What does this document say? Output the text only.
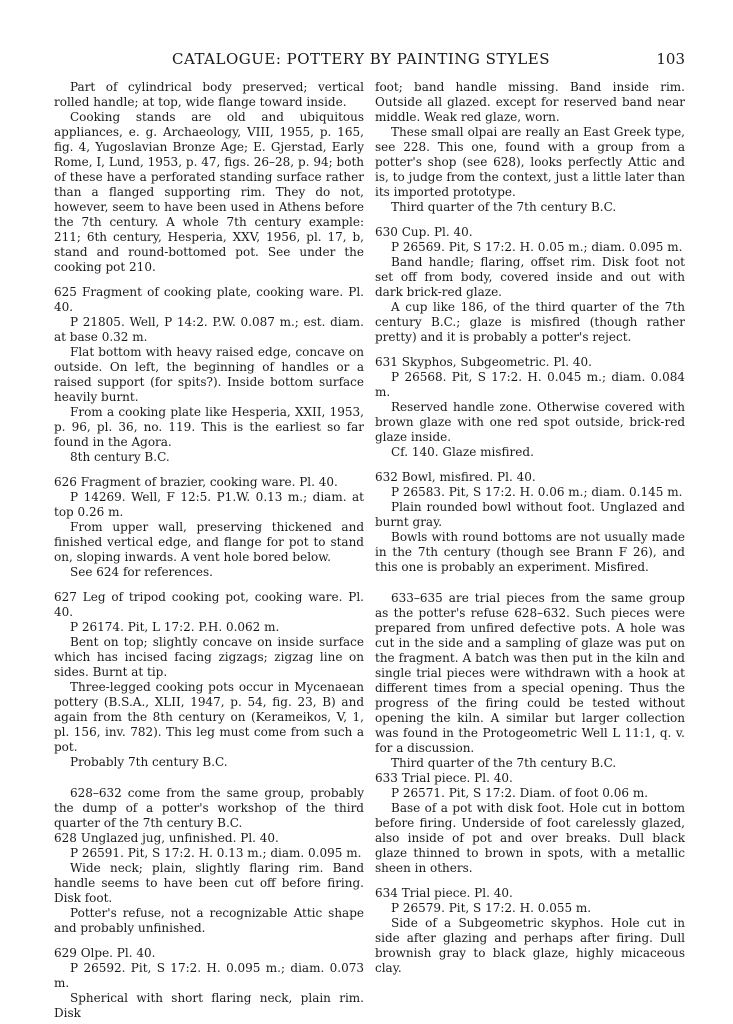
CATALOGUE: POTTERY BY PAINTING STYLES	103

Part of cylindrical body preserved; vertical rolled handle; at top, wide flange toward inside.

Cooking stands are old and ubiquitous appliances, e. g. Archaeology, VIII, 1955, p. 165, fig. 4, Yugoslavian Bronze Age; E. Gjerstad, Early Rome, I, Lund, 1953, p. 47, figs. 26–28, p. 94; both of these have a perforated standing surface rather than a flanged supporting rim. They do not, however, seem to have been used in Athens before the 7th century. A whole 7th century example: 211; 6th century, Hesperia, XXV, 1956, pl. 17, b, stand and round-bottomed pot. See under the cooking pot 210.

625 Fragment of cooking plate, cooking ware. Pl. 40.

P 21805. Well, P 14:2. P.W. 0.087 m.; est. diam. at base 0.32 m.

Flat bottom with heavy raised edge, concave on outside. On left, the beginning of handles or a raised support (for spits?). Inside bottom surface heavily burnt.

From a cooking plate like Hesperia, XXII, 1953, p. 96, pl. 36, no. 119. This is the earliest so far found in the Agora.

8th century B.C.

626 Fragment of brazier, cooking ware. Pl. 40.

P 14269. Well, F 12:5. P1.W. 0.13 m.; diam. at top 0.26 m.

From upper wall, preserving thickened and finished vertical edge, and flange for pot to stand on, sloping inwards. A vent hole bored below.

See 624 for references.

627 Leg of tripod cooking pot, cooking ware. Pl. 40.

P 26174. Pit, L 17:2. P.H. 0.062 m.

Bent on top; slightly concave on inside surface which has incised facing zigzags; zigzag line on sides. Burnt at tip.

Three-legged cooking pots occur in Mycenaean pottery (B.S.A., XLII, 1947, p. 54, fig. 23, B) and again from the 8th century on (Kerameikos, V, 1, pl. 156, inv. 782). This leg must come from such a pot.

Probably 7th century B.C.

628–632 come from the same group, probably the dump of a potter's workshop of the third quarter of the 7th century B.C.

628 Unglazed jug, unfinished. Pl. 40.

P 26591. Pit, S 17:2. H. 0.13 m.; diam. 0.095 m.

Wide neck; plain, slightly flaring rim. Band handle seems to have been cut off before firing. Disk foot.

Potter's refuse, not a recognizable Attic shape and probably unfinished.

629 Olpe. Pl. 40.

P 26592. Pit, S 17:2. H. 0.095 m.; diam. 0.073 m.

Spherical with short flaring neck, plain rim. Disk

foot; band handle missing. Band inside rim. Outside all glazed. except for reserved band near middle. Weak red glaze, worn.

These small olpai are really an East Greek type, see 228. This one, found with a group from a potter's shop (see 628), looks perfectly Attic and is, to judge from the context, just a little later than its imported prototype.

Third quarter of the 7th century B.C.

630 Cup. Pl. 40.

P 26569. Pit, S 17:2. H. 0.05 m.; diam. 0.095 m.

Band handle; flaring, offset rim. Disk foot not set off from body, covered inside and out with dark brick-red glaze.

A cup like 186, of the third quarter of the 7th century B.C.; glaze is misfired (though rather pretty) and it is probably a potter's reject.

631 Skyphos, Subgeometric. Pl. 40.

P 26568. Pit, S 17:2. H. 0.045 m.; diam. 0.084 m.

Reserved handle zone. Otherwise covered with brown glaze with one red spot outside, brick-red glaze inside.

Cf. 140. Glaze misfired.

632 Bowl, misfired. Pl. 40.

P 26583. Pit, S 17:2. H. 0.06 m.; diam. 0.145 m.

Plain rounded bowl without foot. Unglazed and burnt gray.

Bowls with round bottoms are not usually made in the 7th century (though see Brann F 26), and this one is probably an experiment. Misfired.

633–635 are trial pieces from the same group as the potter's refuse 628–632. Such pieces were prepared from unfired defective pots. A hole was cut in the side and a sampling of glaze was put on the fragment. A batch was then put in the kiln and single trial pieces were withdrawn with a hook at different times from a special opening. Thus the progress of the firing could be tested without opening the kiln. A similar but larger collection was found in the Protogeometric Well L 11:1, q. v. for a discussion.

Third quarter of the 7th century B.C.

633 Trial piece. Pl. 40.

P 26571. Pit, S 17:2. Diam. of foot 0.06 m.

Base of a pot with disk foot. Hole cut in bottom before firing. Underside of foot carelessly glazed, also inside of pot and over breaks. Dull black glaze thinned to brown in spots, with a metallic sheen in others.

634 Trial piece. Pl. 40.

P 26579. Pit, S 17:2. H. 0.055 m.

Side of a Subgeometric skyphos. Hole cut in side after glazing and perhaps after firing. Dull brownish gray to black glaze, highly micaceous clay.
